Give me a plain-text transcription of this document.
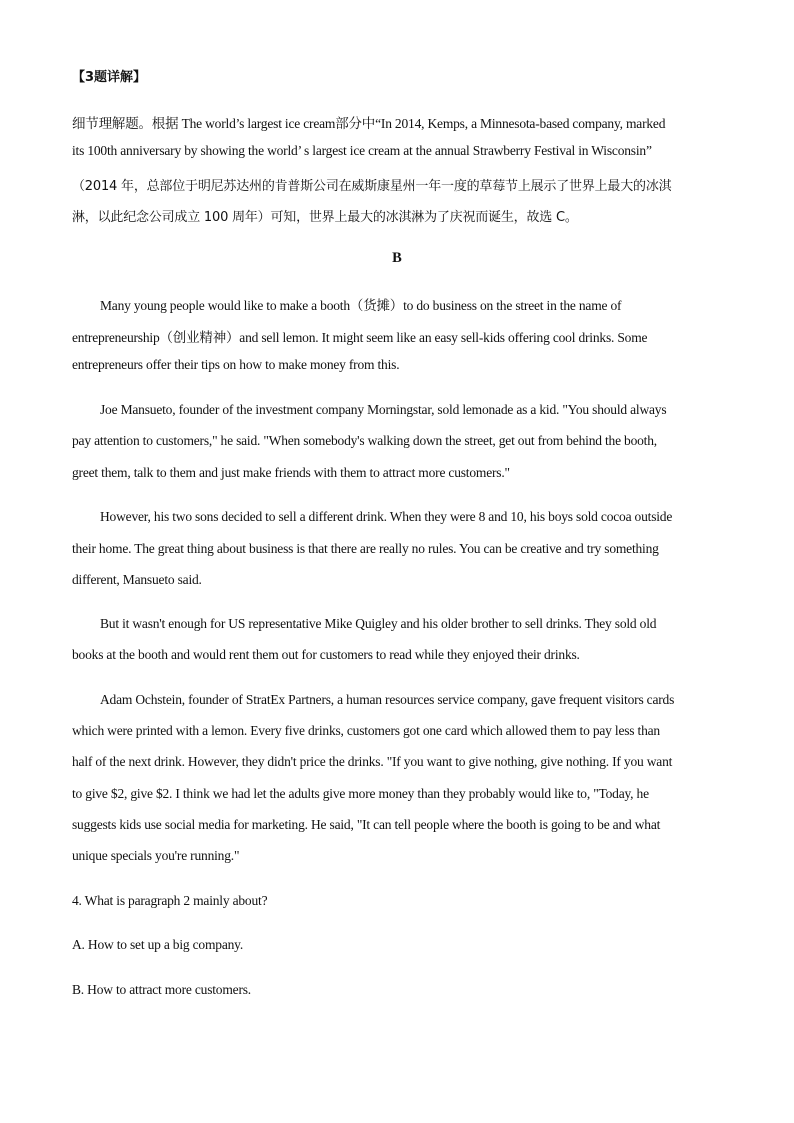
【3题详解】
细节理解题。根据 The world’s largest ice cream部分中“In 2014, Kemps, a Minnesota-based company, marked
its 100th anniversary by showing the world’ s largest ice cream at the annual Strawberry Festival in Wisconsin”
（2014 年，总部位于明尼苏达州的肯普斯公司在威斯康星州一年一度的草莓节上展示了世界上最大的冰淇
淋，以此纪念公司成立 100 周年）可知，世界上最大的冰淇淋为了庆祝而诞生，故选 C。
B
Many young people would like to make a booth（货摊）to do business on the street in the name of
entrepreneurship（创业精神）and sell lemon. It might seem like an easy sell-kids offering cool drinks. Some
entrepreneurs offer their tips on how to make money from this.
Joe Mansueto, founder of the investment company Morningstar, sold lemonade as a kid. "You should always
pay attention to customers," he said. "When somebody's walking down the street, get out from behind the booth,
greet them, talk to them and just make friends with them to attract more customers."
However, his two sons decided to sell a different drink. When they were 8 and 10, his boys sold cocoa outside
their home. The great thing about business is that there are really no rules. You can be creative and try something
different, Mansueto said.
But it wasn't enough for US representative Mike Quigley and his older brother to sell drinks. They sold old
books at the booth and would rent them out for customers to read while they enjoyed their drinks.
Adam Ochstein, founder of StratEx Partners, a human resources service company, gave frequent visitors cards
which were printed with a lemon. Every five drinks, customers got one card which allowed them to pay less than
half of the next drink. However, they didn't price the drinks. "If you want to give nothing, give nothing. If you want
to give $2, give $2. I think we had let the adults give more money than they probably would like to, "Today, he
suggests kids use social media for marketing. He said, "It can tell people where the booth is going to be and what
unique specials you're running."
4. What is paragraph 2 mainly about?
A. How to set up a big company.
B. How to attract more customers.
